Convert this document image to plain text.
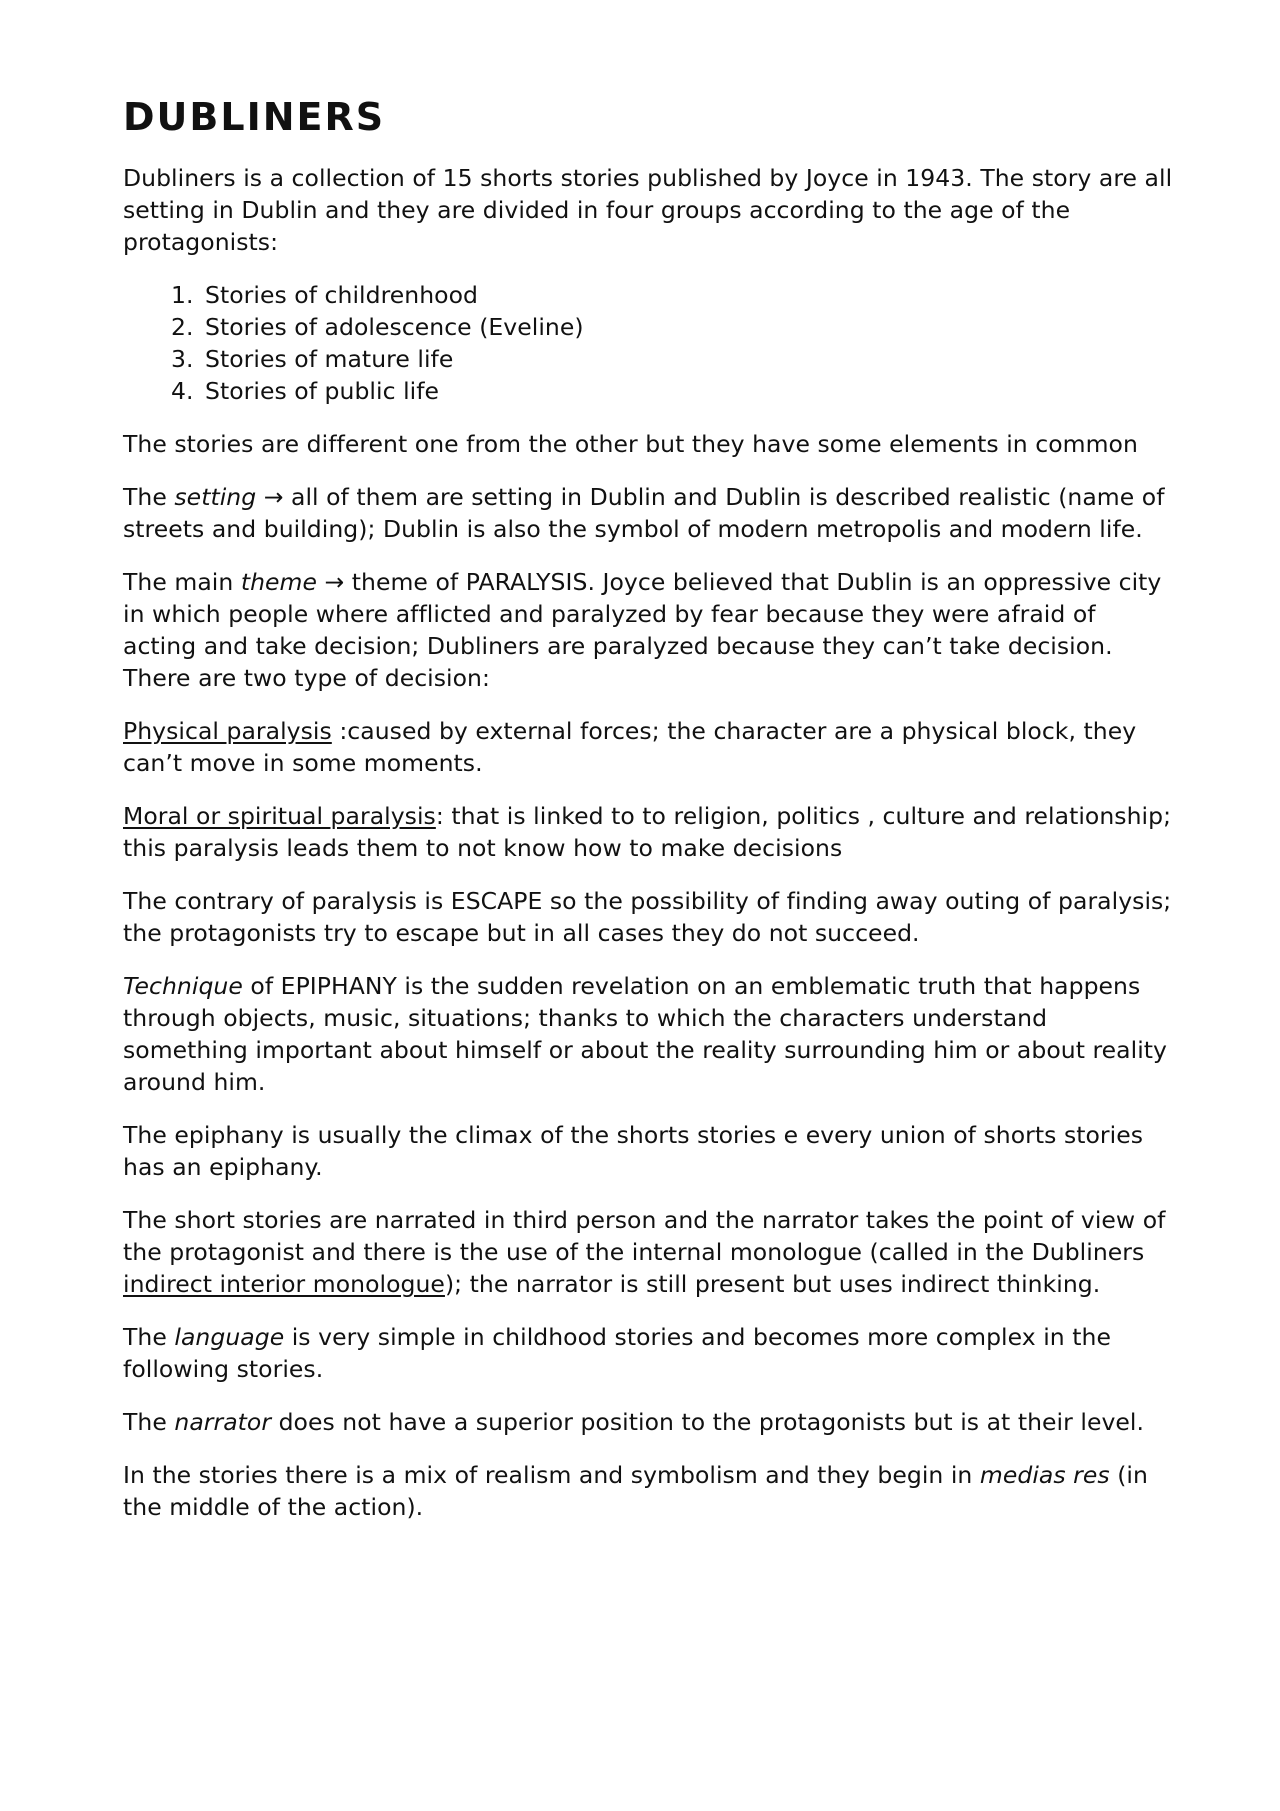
DUBLINERS

Dubliners is a collection of 15 shorts stories published by Joyce in 1943. The story are all setting in Dublin and they are divided in four groups according to the age of the protagonists:

1. Stories of childrenhood
2. Stories of adolescence (Eveline)
3. Stories of mature life
4. Stories of public life

The stories are different one from the other but they have some elements in common

The setting → all of them are setting in Dublin and Dublin is described realistic (name of streets and building); Dublin is also the symbol of modern metropolis and modern life.

The main theme → theme of PARALYSIS. Joyce believed that Dublin is an oppressive city in which people where afflicted and paralyzed by fear because they were afraid of acting and take decision; Dubliners are paralyzed because they can’t take decision. There are two type of decision:

Physical paralysis :caused by external forces; the character are a physical block, they can’t move in some moments.

Moral or spiritual paralysis: that is linked to to religion, politics , culture and relationship; this paralysis leads them to not know how to make decisions

The contrary of paralysis is ESCAPE so the possibility of finding away outing of paralysis; the protagonists try to escape but in all cases they do not succeed.

Technique of EPIPHANY is the sudden revelation on an emblematic truth that happens through objects, music, situations; thanks to which the characters understand something important about himself or about the reality surrounding him or about reality around him.

The epiphany is usually the climax of the shorts stories e every union of shorts stories has an epiphany.

The short stories are narrated in third person and the narrator takes the point of view of the protagonist and there is the use of the internal monologue (called in the Dubliners indirect interior monologue); the narrator is still present but uses indirect thinking.

The language is very simple in childhood stories and becomes more complex in the following stories.

The narrator does not have a superior position to the protagonists but is at their level.

In the stories there is a mix of realism and symbolism and they begin in medias res (in the middle of the action).
